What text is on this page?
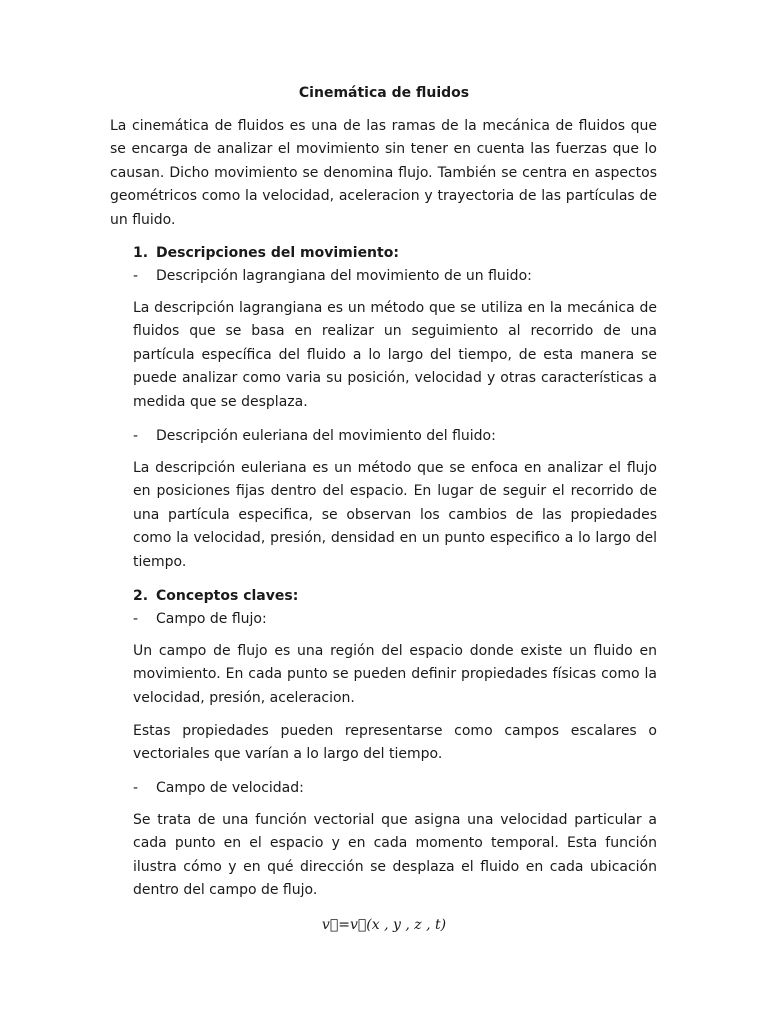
Cinemática de fluidos

La cinemática de fluidos es una de las ramas de la mecánica de fluidos que se encarga de analizar el movimiento sin tener en cuenta las fuerzas que lo causan. Dicho movimiento se denomina flujo. También se centra en aspectos geométricos como la velocidad, aceleracion y trayectoria de las partículas de un fluido.

1. Descripciones del movimiento:
- Descripción lagrangiana del movimiento de un fluido:

La descripción lagrangiana es un método que se utiliza en la mecánica de fluidos que se basa en realizar un seguimiento al recorrido de una partícula específica del fluido a lo largo del tiempo, de esta manera se puede analizar como varia su posición, velocidad y otras características a medida que se desplaza.

- Descripción euleriana del movimiento del fluido:

La descripción euleriana es un método que se enfoca en analizar el flujo en posiciones fijas dentro del espacio. En lugar de seguir el recorrido de una partícula especifica, se observan los cambios de las propiedades como la velocidad, presión, densidad en un punto especifico a lo largo del tiempo.

2. Conceptos claves:
- Campo de flujo:

Un campo de flujo es una región del espacio donde existe un fluido en movimiento. En cada punto se pueden definir propiedades físicas como la velocidad, presión, aceleracion.

Estas propiedades pueden representarse como campos escalares o vectoriales que varían a lo largo del tiempo.

- Campo de velocidad:

Se trata de una función vectorial que asigna una velocidad particular a cada punto en el espacio y en cada momento temporal. Esta función ilustra cómo y en qué dirección se desplaza el fluido en cada ubicación dentro del campo de flujo.

v⃗=v⃗(x , y , z , t)
